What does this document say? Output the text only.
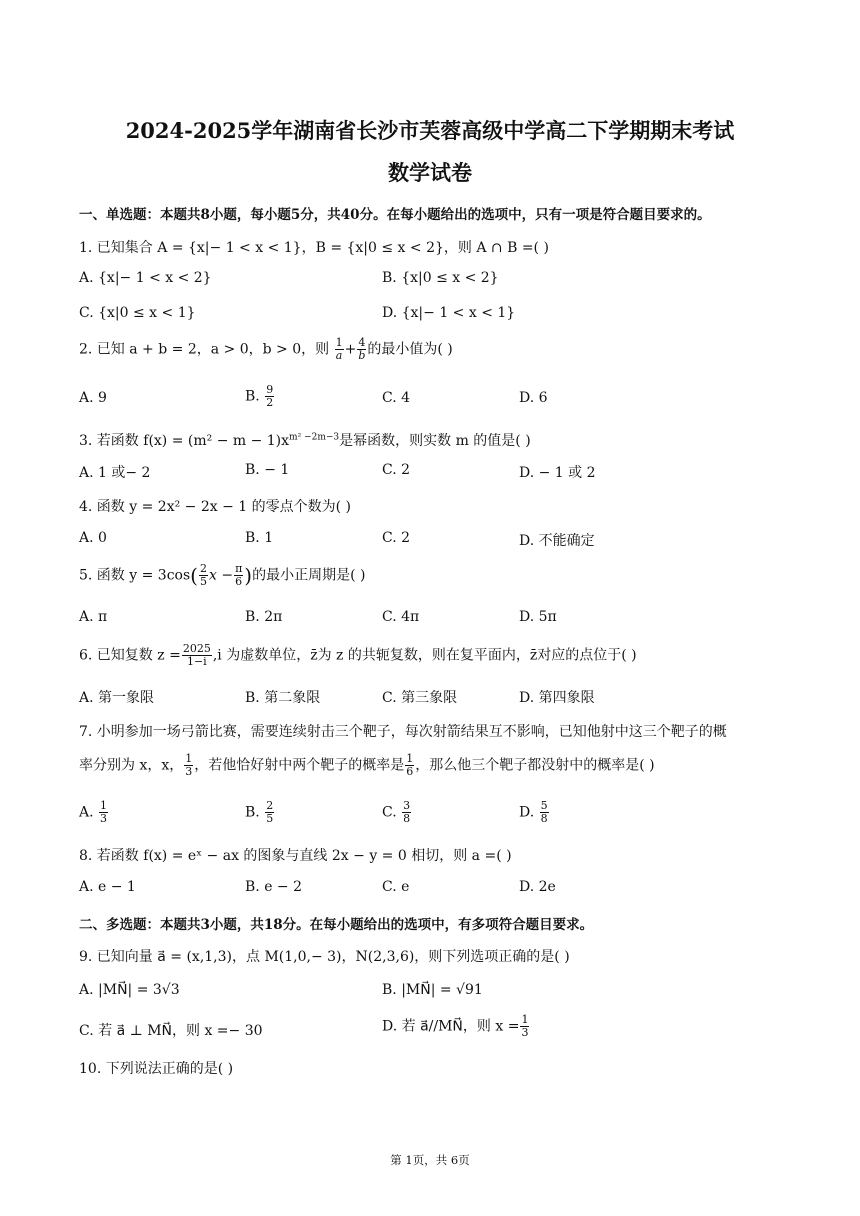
2024-2025学年湖南省长沙市芙蓉高级中学高二下学期期末考试
数学试卷
一、单选题：本题共8小题，每小题5分，共40分。在每小题给出的选项中，只有一项是符合题目要求的。
1. 已知集合 A = {x|− 1 < x < 1}，B = {x|0 ≤ x < 2}，则 A ∩ B =( )
A. {x|− 1 < x < 2}	B. {x|0 ≤ x < 2}
C. {x|0 ≤ x < 1}	D. {x|− 1 < x < 1}
2. 已知 a + b = 2，a > 0，b > 0，则 $\frac{1}{a} + \frac{4}{b}$ 的最小值为( )
A. 9	B. $\frac{9}{2}$	C. 4	D. 6
3. 若函数 $f(x) = (m^2 - m - 1)x^{m^2 -2m-3}$是幂函数，则实数 m 的值是( )
A. 1 或− 2	B. − 1	C. 2	D. − 1 或 2
4. 函数 y = 2x² − 2x − 1 的零点个数为( )
A. 0	B. 1	C. 2	D. 不能确定
5. 函数 $y = 3\cos( \frac{2}{5}$ $x - \frac{\pi}{6}$ )的最小正周期是( )
A. π	B. 2π	C. 4π	D. 5π
6. 已知复数 $z = \frac{2025}{1-i} ,i$ 为虚数单位，z̄为 z 的共轭复数，则在复平面内，z̄对应的点位于( )
A. 第一象限	B. 第二象限	C. 第三象限	D. 第四象限
7. 小明参加一场弓箭比赛，需要连续射击三个靶子，每次射箭结果互不影响，已知他射中这三个靶子的概
率分别为 x，x， $\frac{1}{3}$ ，若他恰好射中两个靶子的概率是 $\frac{1}{6}$ ，那么他三个靶子都没射中的概率是( )
A. $\frac{1}{3}$	B. $\frac{2}{5}$	C. $\frac{3}{8}$	D. $\frac{5}{8}$
8. 若函数 f(x) = eˣ − ax 的图象与直线 2x − y = 0 相切，则 a =( )
A. e − 1	B. e − 2	C. e	D. 2e
二、多选题：本题共3小题，共18分。在每小题给出的选项中，有多项符合题目要求。
9. 已知向量 a⃗ = (x,1,3)，点 M(1,0,− 3)，N(2,3,6)，则下列选项正确的是( )
A. |MN⃗| = 3√3	B. |MN⃗| = √91
C. 若 a⃗ ⊥ MN⃗，则 x =− 30	D. 若 a⃗//MN⃗，则 $x = \frac{1}{3}$
10. 下列说法正确的是( )
第 1页，共 6页
